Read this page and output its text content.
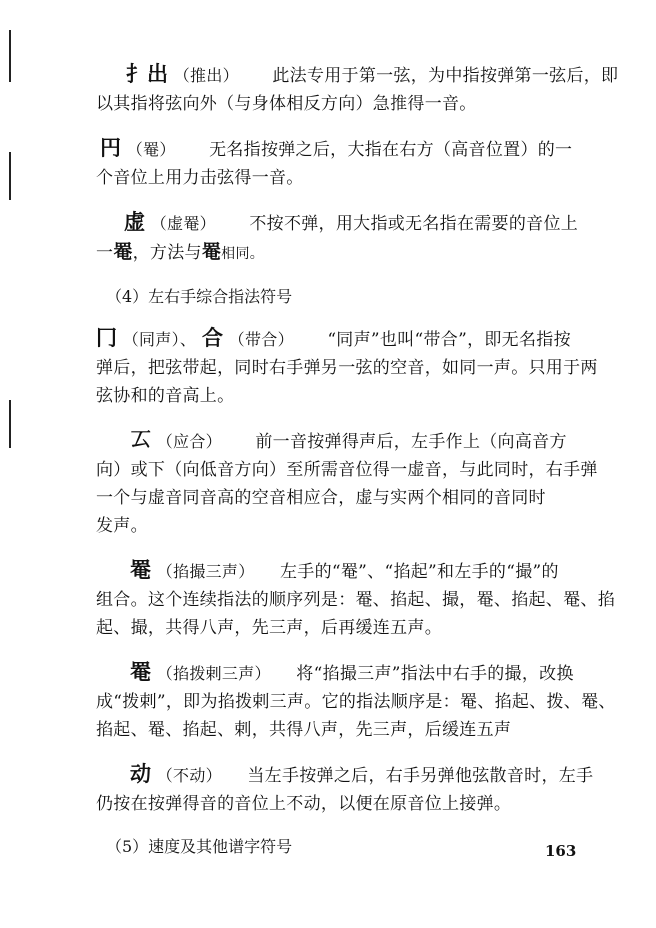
扌出 （推出） 此法专用于第一弦，为中指按弹第一弦后，即
以其指将弦向外（与身体相反方向）急推得一音。
円 （罨） 无名指按弹之后，大指在右方（高音位置）的一
个音位上用力击弦得一音。
虚 （虚罨） 不按不弹，用大指或无名指在需要的音位上
一罨，方法与罨相同。
（4）左右手综合指法符号
冂 （同声）、 合 （带合） “同声”也叫“带合”，即无名指按
弹后，把弦带起，同时右手弹另一弦的空音，如同一声。只用于两
弦协和的音高上。
𠫔 （应合） 前一音按弹得声后，左手作上（向高音方
向）或下（向低音方向）至所需音位得一虚音，与此同时，右手弹
一个与虚音同音高的空音相应合，虚与实两个相同的音同时
发声。
罨 （掐撮三声） 左手的“罨”、“掐起”和左手的“撮”的
组合。这个连续指法的顺序列是：罨、掐起、撮，罨、掐起、罨、掐
起、撮，共得八声，先三声，后再缓连五声。
罨 （掐拨剌三声） 将“掐撮三声”指法中右手的撮，改换
成“拨剌”，即为掐拨剌三声。它的指法顺序是：罨、掐起、拨、罨、
掐起、罨、掐起、剌，共得八声，先三声，后缓连五声
动 （不动） 当左手按弹之后，右手另弹他弦散音时，左手
仍按在按弹得音的音位上不动，以便在原音位上接弹。
（5）速度及其他谱字符号	163
